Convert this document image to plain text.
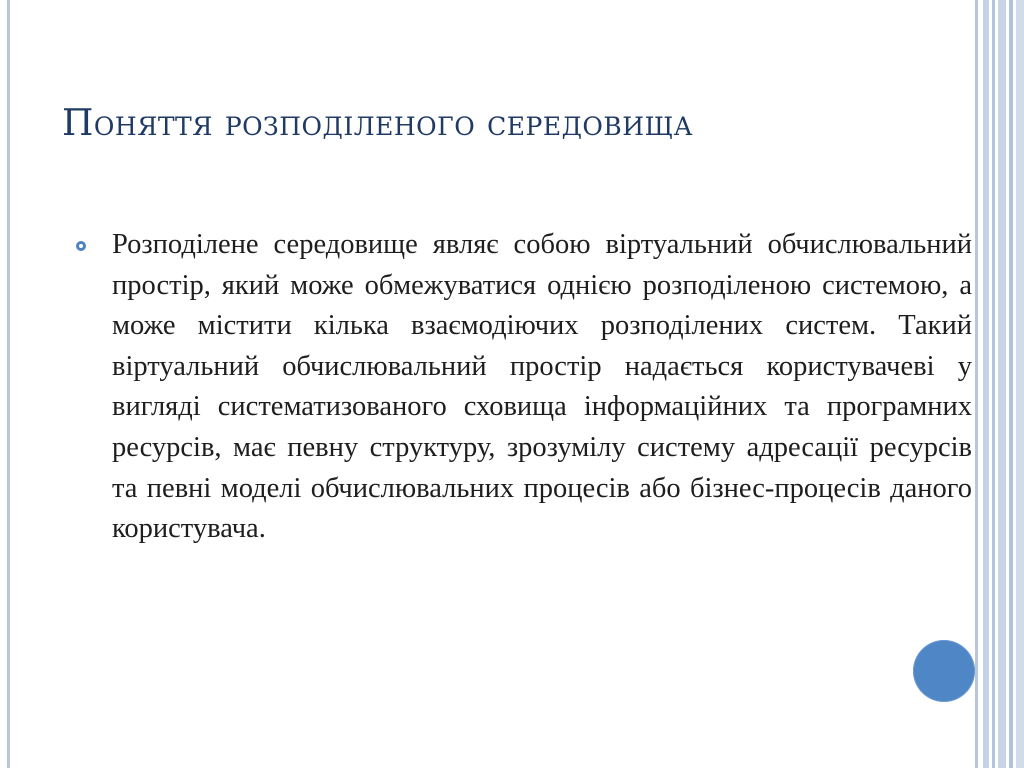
Поняття розподіленого середовища

Розподілене середовище являє собою віртуальний обчислювальний простір, який може обмежуватися однією розподіленою системою, а може містити кілька взаємодіючих розподілених систем. Такий віртуальний обчислювальний простір надається користувачеві у вигляді систематизованого сховища інформаційних та програмних ресурсів, має певну структуру, зрозумілу систему адресації ресурсів та певні моделі обчислювальних процесів або бізнес-процесів даного користувача.
